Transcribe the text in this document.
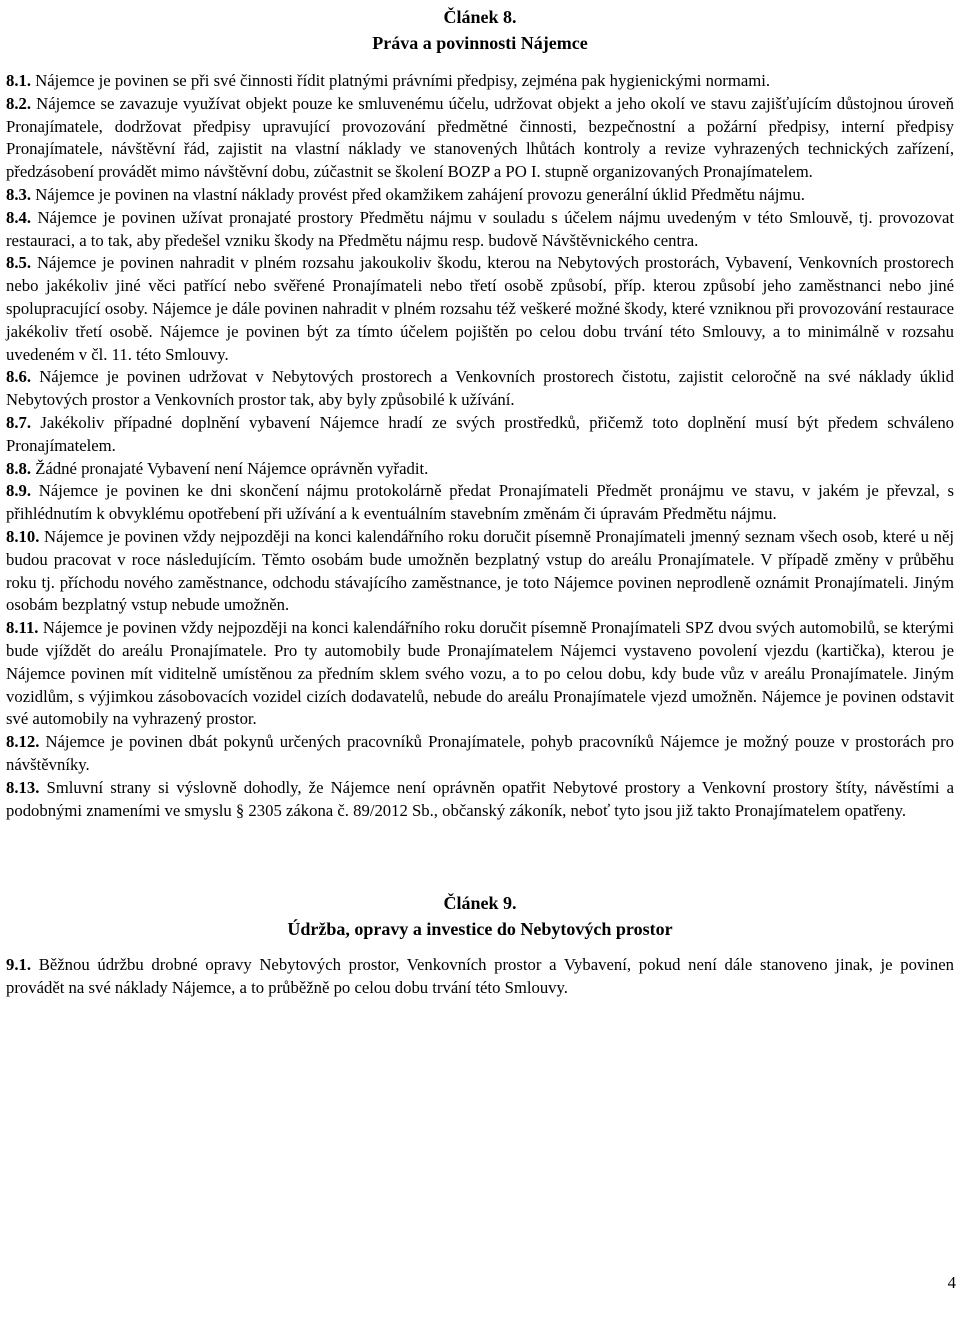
Článek 8.

Práva a povinnosti Nájemce

8.1. Nájemce je povinen se při své činnosti řídit platnými právními předpisy, zejména pak hygienickými normami.

8.2. Nájemce se zavazuje využívat objekt pouze ke smluvenému účelu, udržovat objekt a jeho okolí ve stavu zajišťujícím důstojnou úroveň Pronajímatele, dodržovat předpisy upravující provozování předmětné činnosti, bezpečnostní a požární předpisy, interní předpisy Pronajímatele, návštěvní řád, zajistit na vlastní náklady ve stanovených lhůtách kontroly a revize vyhrazených technických zařízení, předzásobení provádět mimo návštěvní dobu, zúčastnit se školení BOZP a PO I. stupně organizovaných Pronajímatelem.

8.3. Nájemce je povinen na vlastní náklady provést před okamžikem zahájení provozu generální úklid Předmětu nájmu.

8.4. Nájemce je povinen užívat pronajaté prostory Předmětu nájmu v souladu s účelem nájmu uvedeným v této Smlouvě, tj. provozovat restauraci, a to tak, aby předešel vzniku škody na Předmětu nájmu resp. budově Návštěvnického centra.

8.5. Nájemce je povinen nahradit v plném rozsahu jakoukoliv škodu, kterou na Nebytových prostorách, Vybavení, Venkovních prostorech nebo jakékoliv jiné věci patřící nebo svěřené Pronajímateli nebo třetí osobě způsobí, příp. kterou způsobí jeho zaměstnanci nebo jiné spolupracující osoby. Nájemce je dále povinen nahradit v plném rozsahu též veškeré možné škody, které vzniknou při provozování restaurace jakékoliv třetí osobě. Nájemce je povinen být za tímto účelem pojištěn po celou dobu trvání této Smlouvy, a to minimálně v rozsahu uvedeném v čl. 11. této Smlouvy.

8.6. Nájemce je povinen udržovat v Nebytových prostorech a Venkovních prostorech čistotu, zajistit celoročně na své náklady úklid Nebytových prostor a Venkovních prostor tak, aby byly způsobilé k užívání.

8.7. Jakékoliv případné doplnění vybavení Nájemce hradí ze svých prostředků, přičemž toto doplnění musí být předem schváleno Pronajímatelem.

8.8. Žádné pronajaté Vybavení není Nájemce oprávněn vyřadit.

8.9. Nájemce je povinen ke dni skončení nájmu protokolárně předat Pronajímateli Předmět pronájmu ve stavu, v jakém je převzal, s přihlédnutím k obvyklému opotřebení při užívání a k eventuálním stavebním změnám či úpravám Předmětu nájmu.

8.10. Nájemce je povinen vždy nejpozději na konci kalendářního roku doručit písemně Pronajímateli jmenný seznam všech osob, které u něj budou pracovat v roce následujícím. Těmto osobám bude umožněn bezplatný vstup do areálu Pronajímatele. V případě změny v průběhu roku tj. příchodu nového zaměstnance, odchodu stávajícího zaměstnance, je toto Nájemce povinen neprodleně oznámit Pronajímateli. Jiným osobám bezplatný vstup nebude umožněn.

8.11. Nájemce je povinen vždy nejpozději na konci kalendářního roku doručit písemně Pronajímateli SPZ dvou svých automobilů, se kterými bude vjíždět do areálu Pronajímatele. Pro ty automobily bude Pronajímatelem Nájemci vystaveno povolení vjezdu (kartička), kterou je Nájemce povinen mít viditelně umístěnou za předním sklem svého vozu, a to po celou dobu, kdy bude vůz v areálu Pronajímatele. Jiným vozidlům, s výjimkou zásobovacích vozidel cizích dodavatelů, nebude do areálu Pronajímatele vjezd umožněn. Nájemce je povinen odstavit své automobily na vyhrazený prostor.

8.12. Nájemce je povinen dbát pokynů určených pracovníků Pronajímatele, pohyb pracovníků Nájemce je možný pouze v prostorách pro návštěvníky.

8.13. Smluvní strany si výslovně dohodly, že Nájemce není oprávněn opatřit Nebytové prostory a Venkovní prostory štíty, návěstími a podobnými znameními ve smyslu § 2305 zákona č. 89/2012 Sb., občanský zákoník, neboť tyto jsou již takto Pronajímatelem opatřeny.

Článek 9.

Údržba, opravy a investice do Nebytových prostor

9.1. Běžnou údržbu drobné opravy Nebytových prostor, Venkovních prostor a Vybavení, pokud není dále stanoveno jinak, je povinen provádět na své náklady Nájemce, a to průběžně po celou dobu trvání této Smlouvy.

4
